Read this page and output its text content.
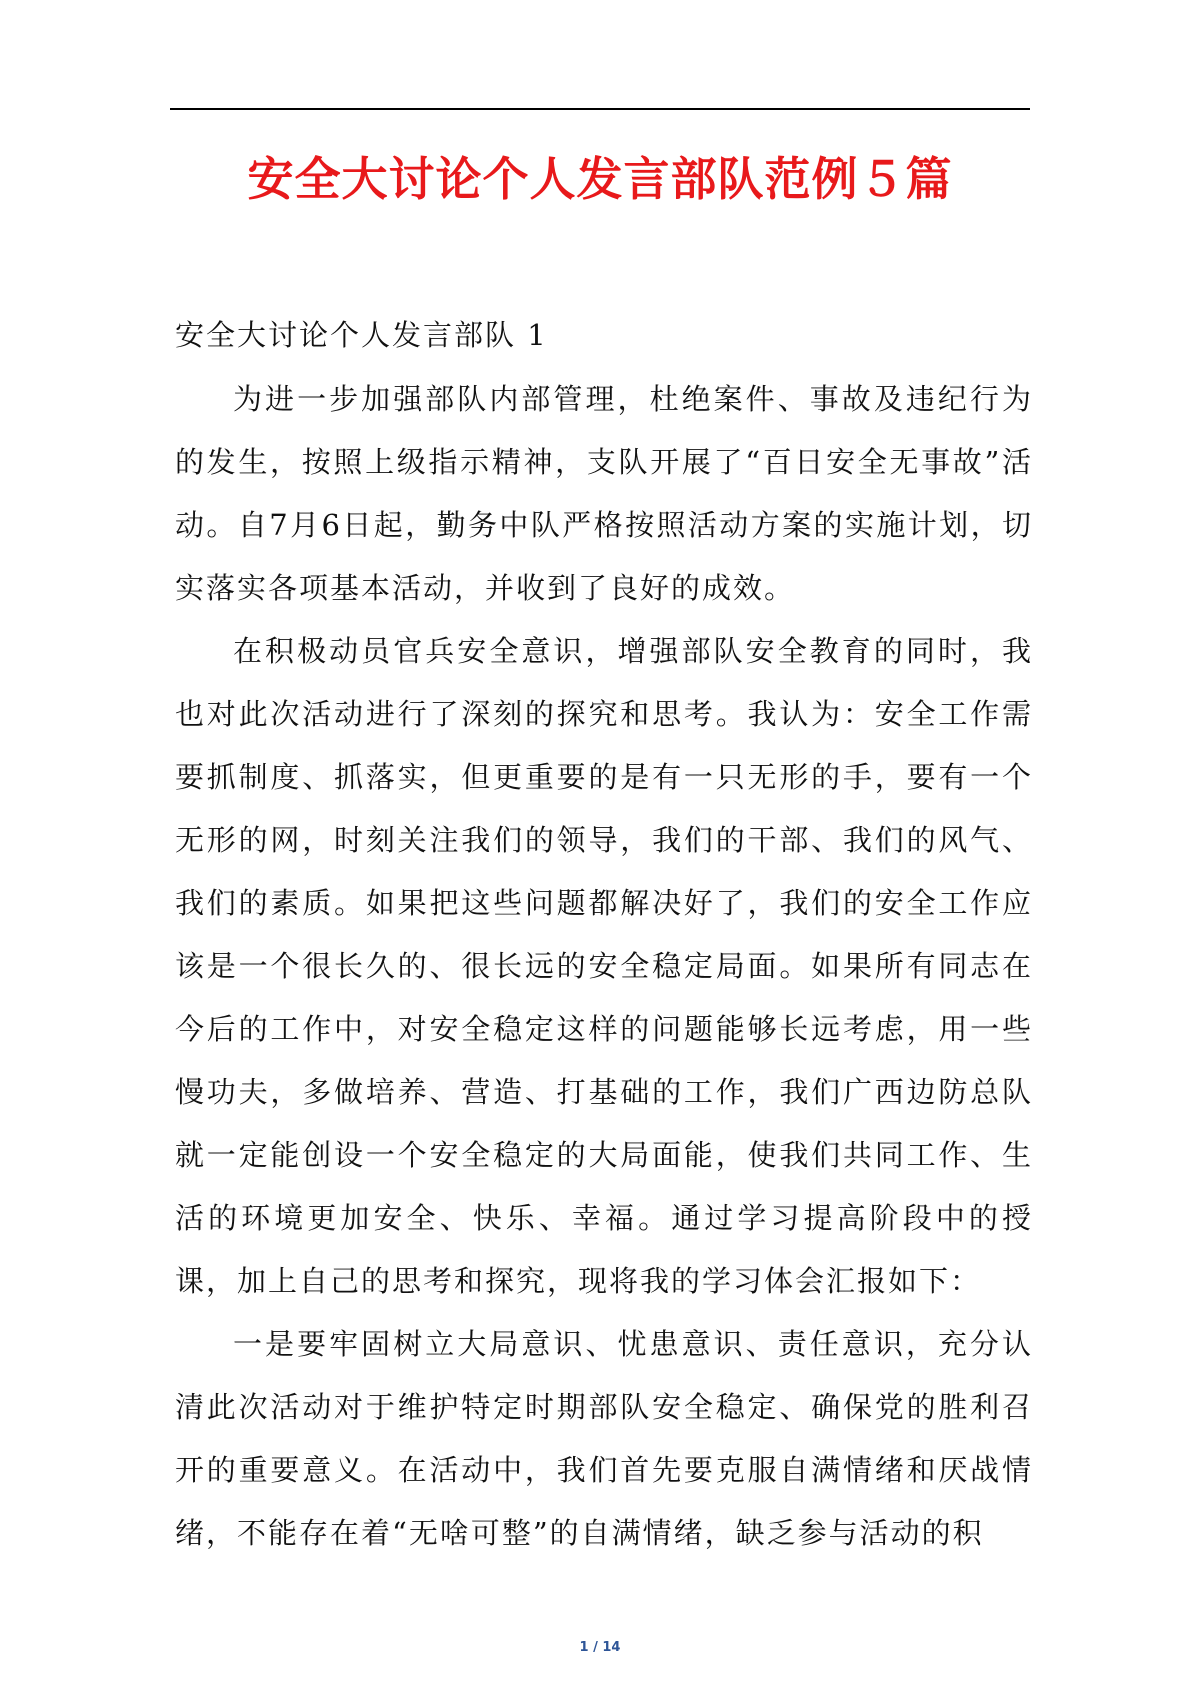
安全大讨论个人发言部队范例５篇
安全大讨论个人发言部队 1

为进一步加强部队内部管理，杜绝案件、事故及违纪行为的发生，按照上级指示精神，支队开展了“百日安全无事故”活动。自7月6日起，勤务中队严格按照活动方案的实施计划，切实落实各项基本活动，并收到了良好的成效。

在积极动员官兵安全意识，增强部队安全教育的同时，我也对此次活动进行了深刻的探究和思考。我认为：安全工作需要抓制度、抓落实，但更重要的是有一只无形的手，要有一个无形的网，时刻关注我们的领导，我们的干部、我们的风气、我们的素质。如果把这些问题都解决好了，我们的安全工作应该是一个很长久的、很长远的安全稳定局面。如果所有同志在今后的工作中，对安全稳定这样的问题能够长远考虑，用一些慢功夫，多做培养、营造、打基础的工作，我们广西边防总队就一定能创设一个安全稳定的大局面能，使我们共同工作、生活的环境更加安全、快乐、幸福。通过学习提高阶段中的授课，加上自己的思考和探究，现将我的学习体会汇报如下：

一是要牢固树立大局意识、忧患意识、责任意识，充分认清此次活动对于维护特定时期部队安全稳定、确保党的胜利召开的重要意义。在活动中，我们首先要克服自满情绪和厌战情绪，不能存在着“无啥可整”的自满情绪，缺乏参与活动的积

1 / 14
